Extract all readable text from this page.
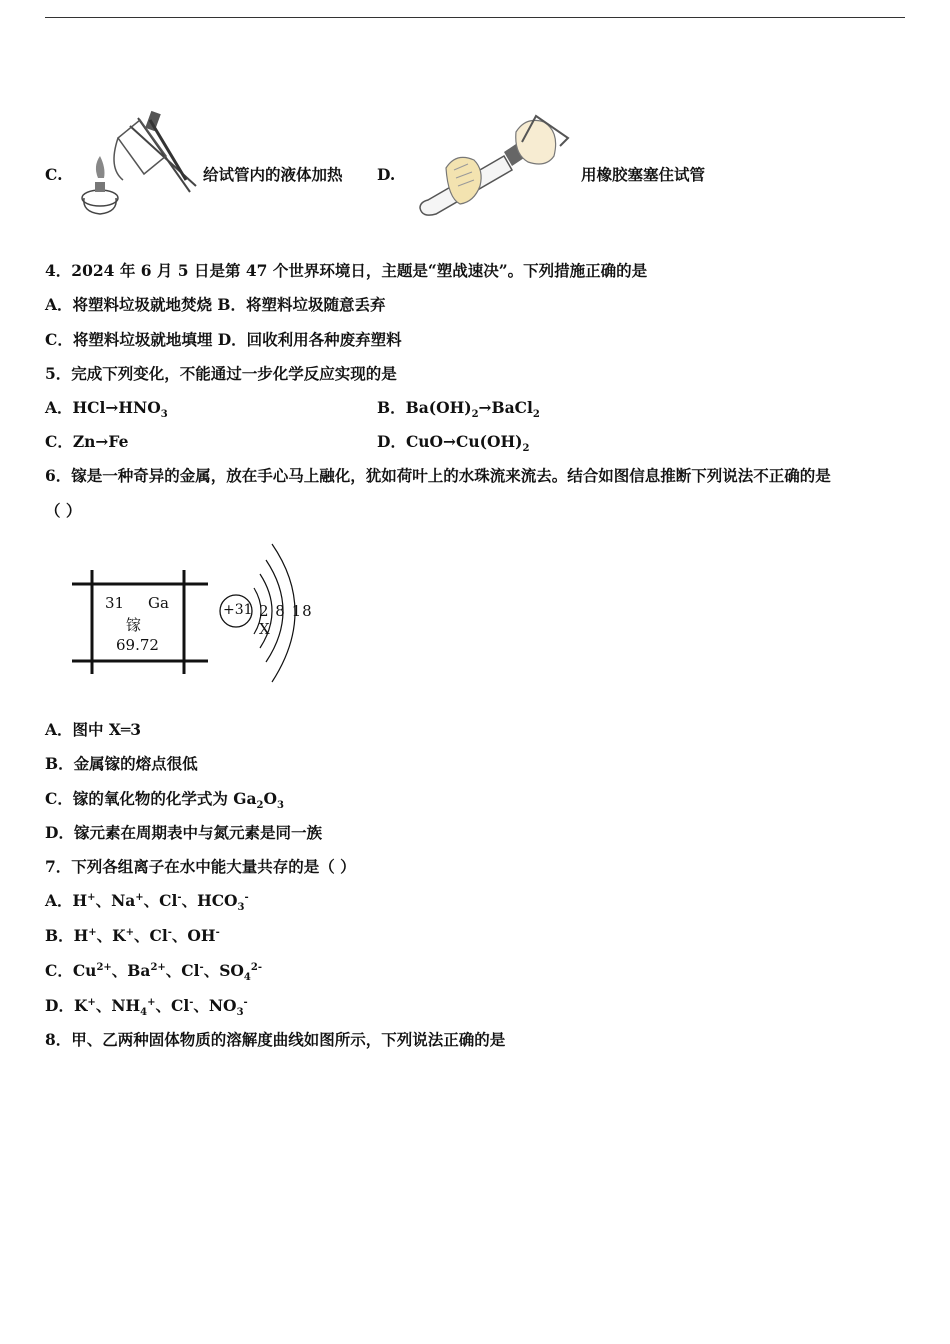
C.	给试管内的液体加热 D.	用橡胶塞塞住试管
4．2024 年 6 月 5 日是第 47 个世界环境日，主题是“塑战速决”。下列措施正确的是
A．将塑料垃圾就地焚烧 B．将塑料垃圾随意丢弃
C．将塑料垃圾就地填埋 D．回收利用各种废弃塑料
5．完成下列变化，不能通过一步化学反应实现的是
A．$HCl\to HNO_3$	B．$Ba(OH)_2\to BaCl_2$
C．Zn→Fe	D．$CuO\to Cu(OH)_2$
6．镓是一种奇异的金属，放在手心马上融化，犹如荷叶上的水珠流来流去。结合如图信息推断下列说法不正确的是
（ ）
31 Ga
镓
69.72
+31 2 8 18 X
A．图中 X═3
B．金属镓的熔点很低
C．镓的氧化物的化学式为 $Ga_2O_3$
D．镓元素在周期表中与氮元素是同一族
7．下列各组离子在水中能大量共存的是（ ）
A．H+、Na+、Cl-、$HCO_3^-$
B．H+、K+、Cl-、OH-
C．$Cu^{2+}$、$Ba^{2+}$、Cl-、$SO_4^{2-}$
D．K+、$NH_4^+$、Cl-、$NO_3^-$
8．甲、乙两种固体物质的溶解度曲线如图所示，下列说法正确的是
